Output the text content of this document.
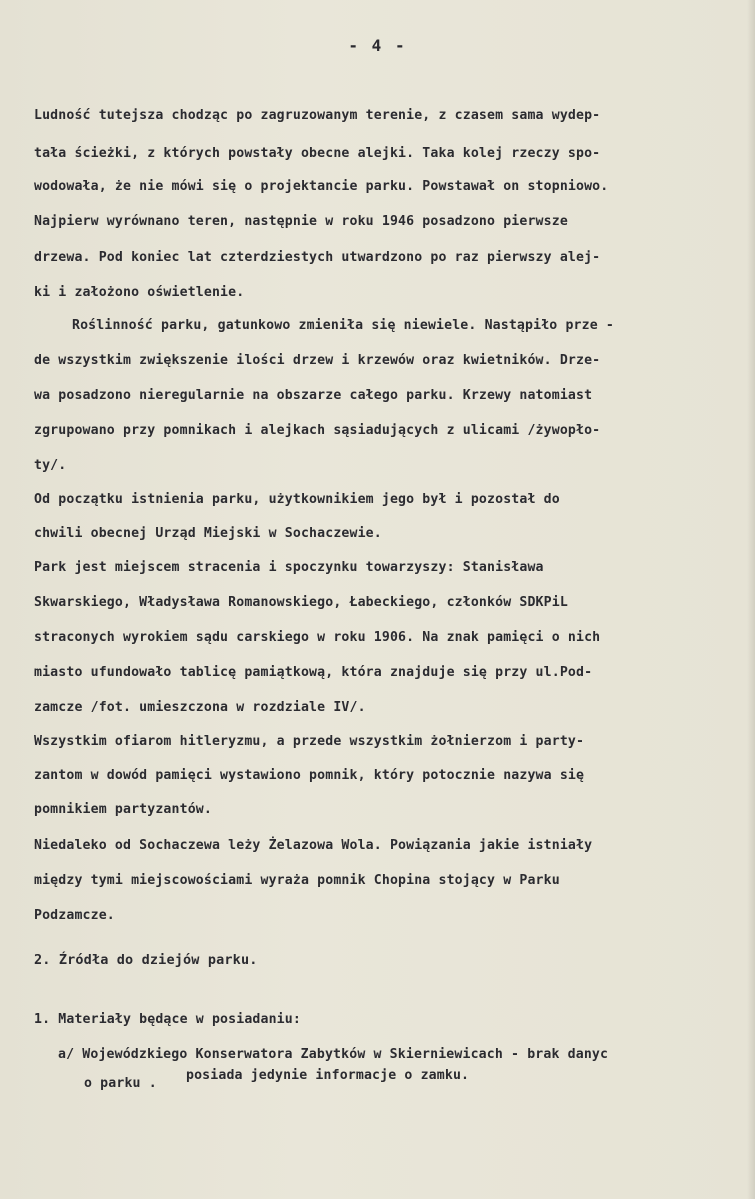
- 4 -
Ludność tutejsza chodząc po zagruzowanym terenie, z czasem sama wydep-
tała ścieżki, z których powstały obecne alejki. Taka kolej rzeczy spo-
wodowała, że nie mówi się o projektancie parku. Powstawał on stopniowo.
Najpierw wyrównano teren, następnie w roku 1946 posadzono pierwsze
drzewa. Pod koniec lat czterdziestych utwardzono po raz pierwszy alej-
ki i założono oświetlenie.
Roślinność parku, gatunkowo zmieniła się niewiele. Nastąpiło prze -
de wszystkim zwiększenie ilości drzew i krzewów oraz kwietników. Drze-
wa posadzono nieregularnie na obszarze całego parku. Krzewy natomiast
zgrupowano przy pomnikach i alejkach sąsiadujących z ulicami /żywopło-
ty/.
Od początku istnienia parku, użytkownikiem jego był i pozostał do
chwili obecnej Urząd Miejski w Sochaczewie.
Park jest miejscem stracenia i spoczynku towarzyszy: Stanisława
Skwarskiego, Władysława Romanowskiego, Łabeckiego, członków SDKPiL
straconych wyrokiem sądu carskiego w roku 1906. Na znak pamięci o nich
miasto ufundowało tablicę pamiątkową, która znajduje się przy ul.Pod-
zamcze /fot. umieszczona w rozdziale IV/.
Wszystkim ofiarom hitleryzmu, a przede wszystkim żołnierzom i party-
zantom w dowód pamięci wystawiono pomnik, który potocznie nazywa się
pomnikiem partyzantów.
Niedaleko od Sochaczewa leży Żelazowa Wola. Powiązania jakie istniały
między tymi miejscowościami wyraża pomnik Chopina stojący w Parku
Podzamcze.
2. Źródła do dziejów parku.
1. Materiały będące w posiadaniu:
a/ Wojewódzkiego Konserwatora Zabytków w Skierniewicach - brak danyc
o parku .
posiada jedynie informacje o zamku.
